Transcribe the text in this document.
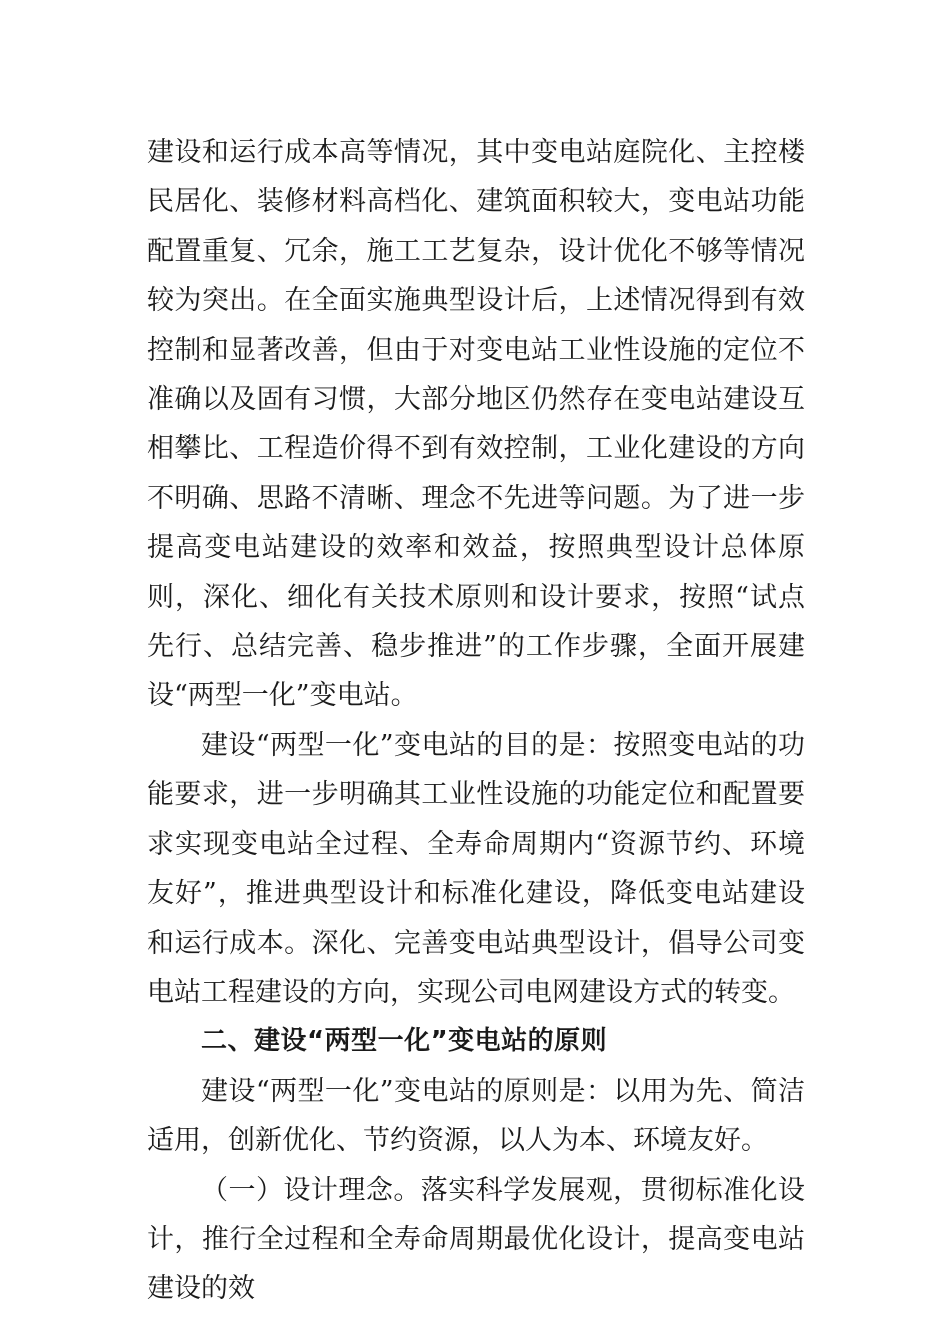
建设和运行成本高等情况，其中变电站庭院化、主控楼民居化、装修材料高档化、建筑面积较大，变电站功能配置重复、冗余，施工工艺复杂，设计优化不够等情况较为突出。在全面实施典型设计后，上述情况得到有效控制和显著改善，但由于对变电站工业性设施的定位不准确以及固有习惯，大部分地区仍然存在变电站建设互相攀比、工程造价得不到有效控制，工业化建设的方向不明确、思路不清晰、理念不先进等问题。为了进一步提高变电站建设的效率和效益，按照典型设计总体原则，深化、细化有关技术原则和设计要求，按照“试点先行、总结完善、稳步推进”的工作步骤，全面开展建设“两型一化”变电站。

建设“两型一化”变电站的目的是：按照变电站的功能要求，进一步明确其工业性设施的功能定位和配置要求实现变电站全过程、全寿命周期内“资源节约、环境友好”，推进典型设计和标准化建设，降低变电站建设和运行成本。深化、完善变电站典型设计，倡导公司变电站工程建设的方向，实现公司电网建设方式的转变。

二、建设“两型一化”变电站的原则

建设“两型一化”变电站的原则是：以用为先、简洁适用，创新优化、节约资源，以人为本、环境友好。

（一）设计理念。落实科学发展观，贯彻标准化设计，推行全过程和全寿命周期最优化设计，提高变电站建设的效
